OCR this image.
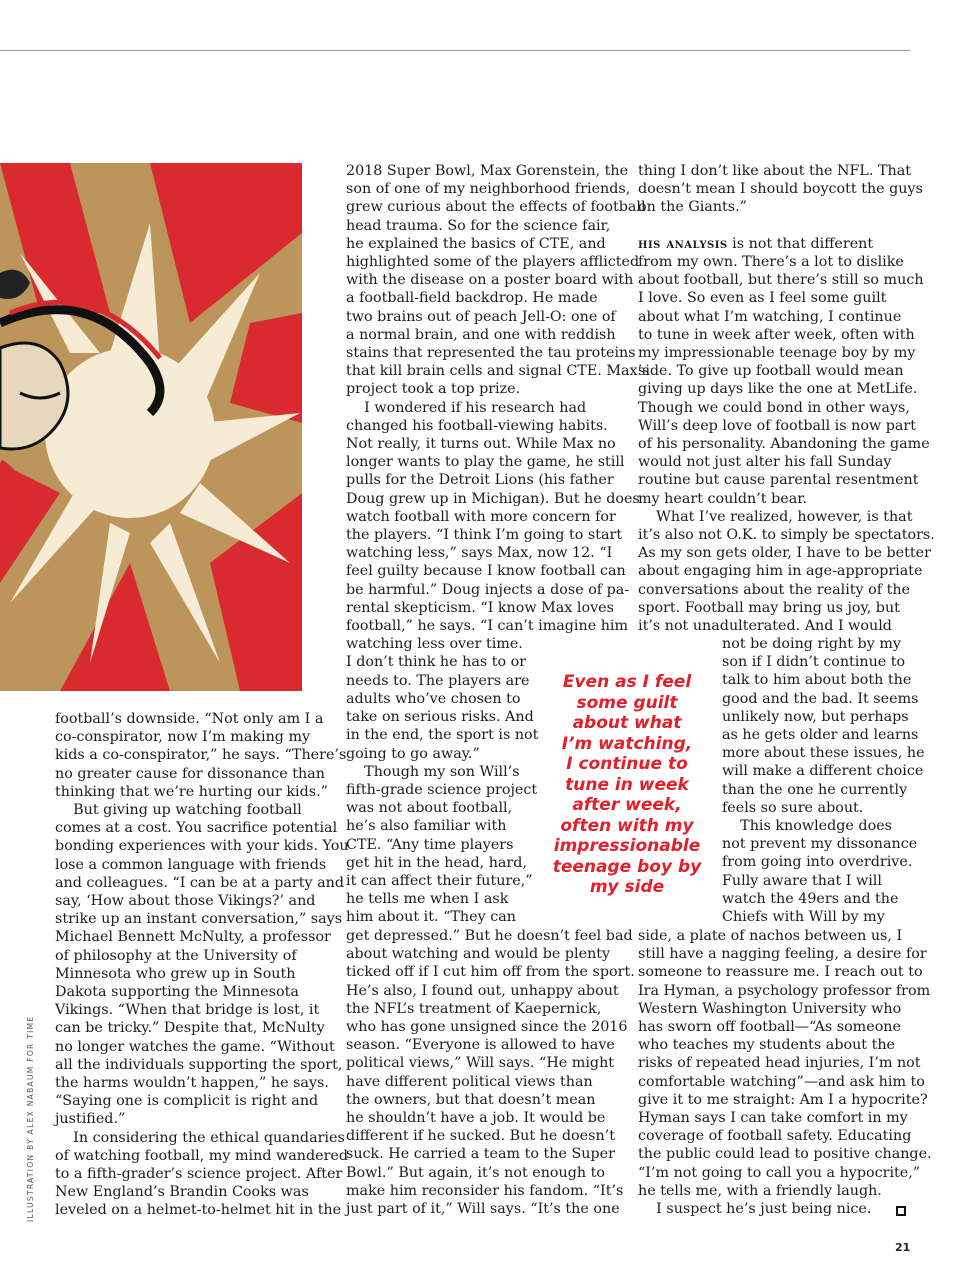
football’s downside. “Not only am I a

co-conspirator, now I’m making my

kids a co-conspirator,” he says. “There’s

no greater cause for dissonance than

thinking that we’re hurting our kids.”

But giving up watching football

comes at a cost. You sacrifice potential

bonding experiences with your kids. You

lose a common language with friends

and colleagues. “I can be at a party and

say, ‘How about those Vikings?’ and

strike up an instant conversation,” says

Michael Bennett McNulty, a professor

of philosophy at the University of

Minnesota who grew up in South

Dakota supporting the Minnesota

Vikings. “When that bridge is lost, it

can be tricky.” Despite that, McNulty

no longer watches the game. “Without

all the individuals supporting the sport,

the harms wouldn’t happen,” he says.

“Saying one is complicit is right and

justified.”

In considering the ethical quandaries

of watching football, my mind wandered

to a fifth-grader’s science project. After

New England’s Brandin Cooks was

leveled on a helmet-to-helmet hit in the

2018 Super Bowl, Max Gorenstein, the

son of one of my neighborhood friends,

grew curious about the effects of football

head trauma. So for the science fair,

he explained the basics of CTE, and

highlighted some of the players afflicted

with the disease on a poster board with

a football-field backdrop. He made

two brains out of peach Jell-O: one of

a normal brain, and one with reddish

stains that represented the tau proteins

that kill brain cells and signal CTE. Max’s

project took a top prize.

I wondered if his research had

changed his football-viewing habits.

Not really, it turns out. While Max no

longer wants to play the game, he still

pulls for the Detroit Lions (his father

Doug grew up in Michigan). But he does

watch football with more concern for

the players. “I think I’m going to start

watching less,” says Max, now 12. “I

feel guilty because I know football can

be harmful.” Doug injects a dose of pa-

rental skepticism. “I know Max loves

football,” he says. “I can’t imagine him

watching less over time.

I don’t think he has to or

needs to. The players are

adults who’ve chosen to

take on serious risks. And

in the end, the sport is not

going to go away.”

Though my son Will’s

fifth-grade science project

was not about football,

he’s also familiar with

CTE. “Any time players

get hit in the head, hard,

it can affect their future,”

he tells me when I ask

him about it. “They can

get depressed.” But he doesn’t feel bad

about watching and would be plenty

ticked off if I cut him off from the sport.

He’s also, I found out, unhappy about

the NFL’s treatment of Kaepernick,

who has gone unsigned since the 2016

season. “Everyone is allowed to have

political views,” Will says. “He might

have different political views than

the owners, but that doesn’t mean

he shouldn’t have a job. It would be

different if he sucked. But he doesn’t

suck. He carried a team to the Super

Bowl.” But again, it’s not enough to

make him reconsider his fandom. “It’s

just part of it,” Will says. “It’s the one

thing I don’t like about the NFL. That

doesn’t mean I should boycott the guys

on the Giants.”

his analysis is not that different

from my own. There’s a lot to dislike

about football, but there’s still so much

I love. So even as I feel some guilt

about what I’m watching, I continue

to tune in week after week, often with

my impressionable teenage boy by my

side. To give up football would mean

giving up days like the one at MetLife.

Though we could bond in other ways,

Will’s deep love of football is now part

of his personality. Abandoning the game

would not just alter his fall Sunday

routine but cause parental resentment

my heart couldn’t bear.

What I’ve realized, however, is that

it’s also not O.K. to simply be spectators.

As my son gets older, I have to be better

about engaging him in age-appropriate

conversations about the reality of the

sport. Football may bring us joy, but

it’s not unadulterated. And I would

not be doing right by my

son if I didn’t continue to

talk to him about both the

good and the bad. It seems

unlikely now, but perhaps

as he gets older and learns

more about these issues, he

will make a different choice

than the one he currently

feels so sure about.

This knowledge does

not prevent my dissonance

from going into overdrive.

Fully aware that I will

watch the 49ers and the

Chiefs with Will by my

side, a plate of nachos between us, I

still have a nagging feeling, a desire for

someone to reassure me. I reach out to

Ira Hyman, a psychology professor from

Western Washington University who

has sworn off football—“As someone

who teaches my students about the

risks of repeated head injuries, I’m not

comfortable watching”—and ask him to

give it to me straight: Am I a hypocrite?

Hyman says I can take comfort in my

coverage of football safety. Educating

the public could lead to positive change.

“I’m not going to call you a hypocrite,”

he tells me, with a friendly laugh.

I suspect he’s just being nice.

Even as I feel

some guilt

about what

I’m watching,

I continue to

tune in week

after week,

often with my

impressionable

teenage boy by

my side

ILLUSTRATION BY ALEX NABAUM FOR TIME
21
